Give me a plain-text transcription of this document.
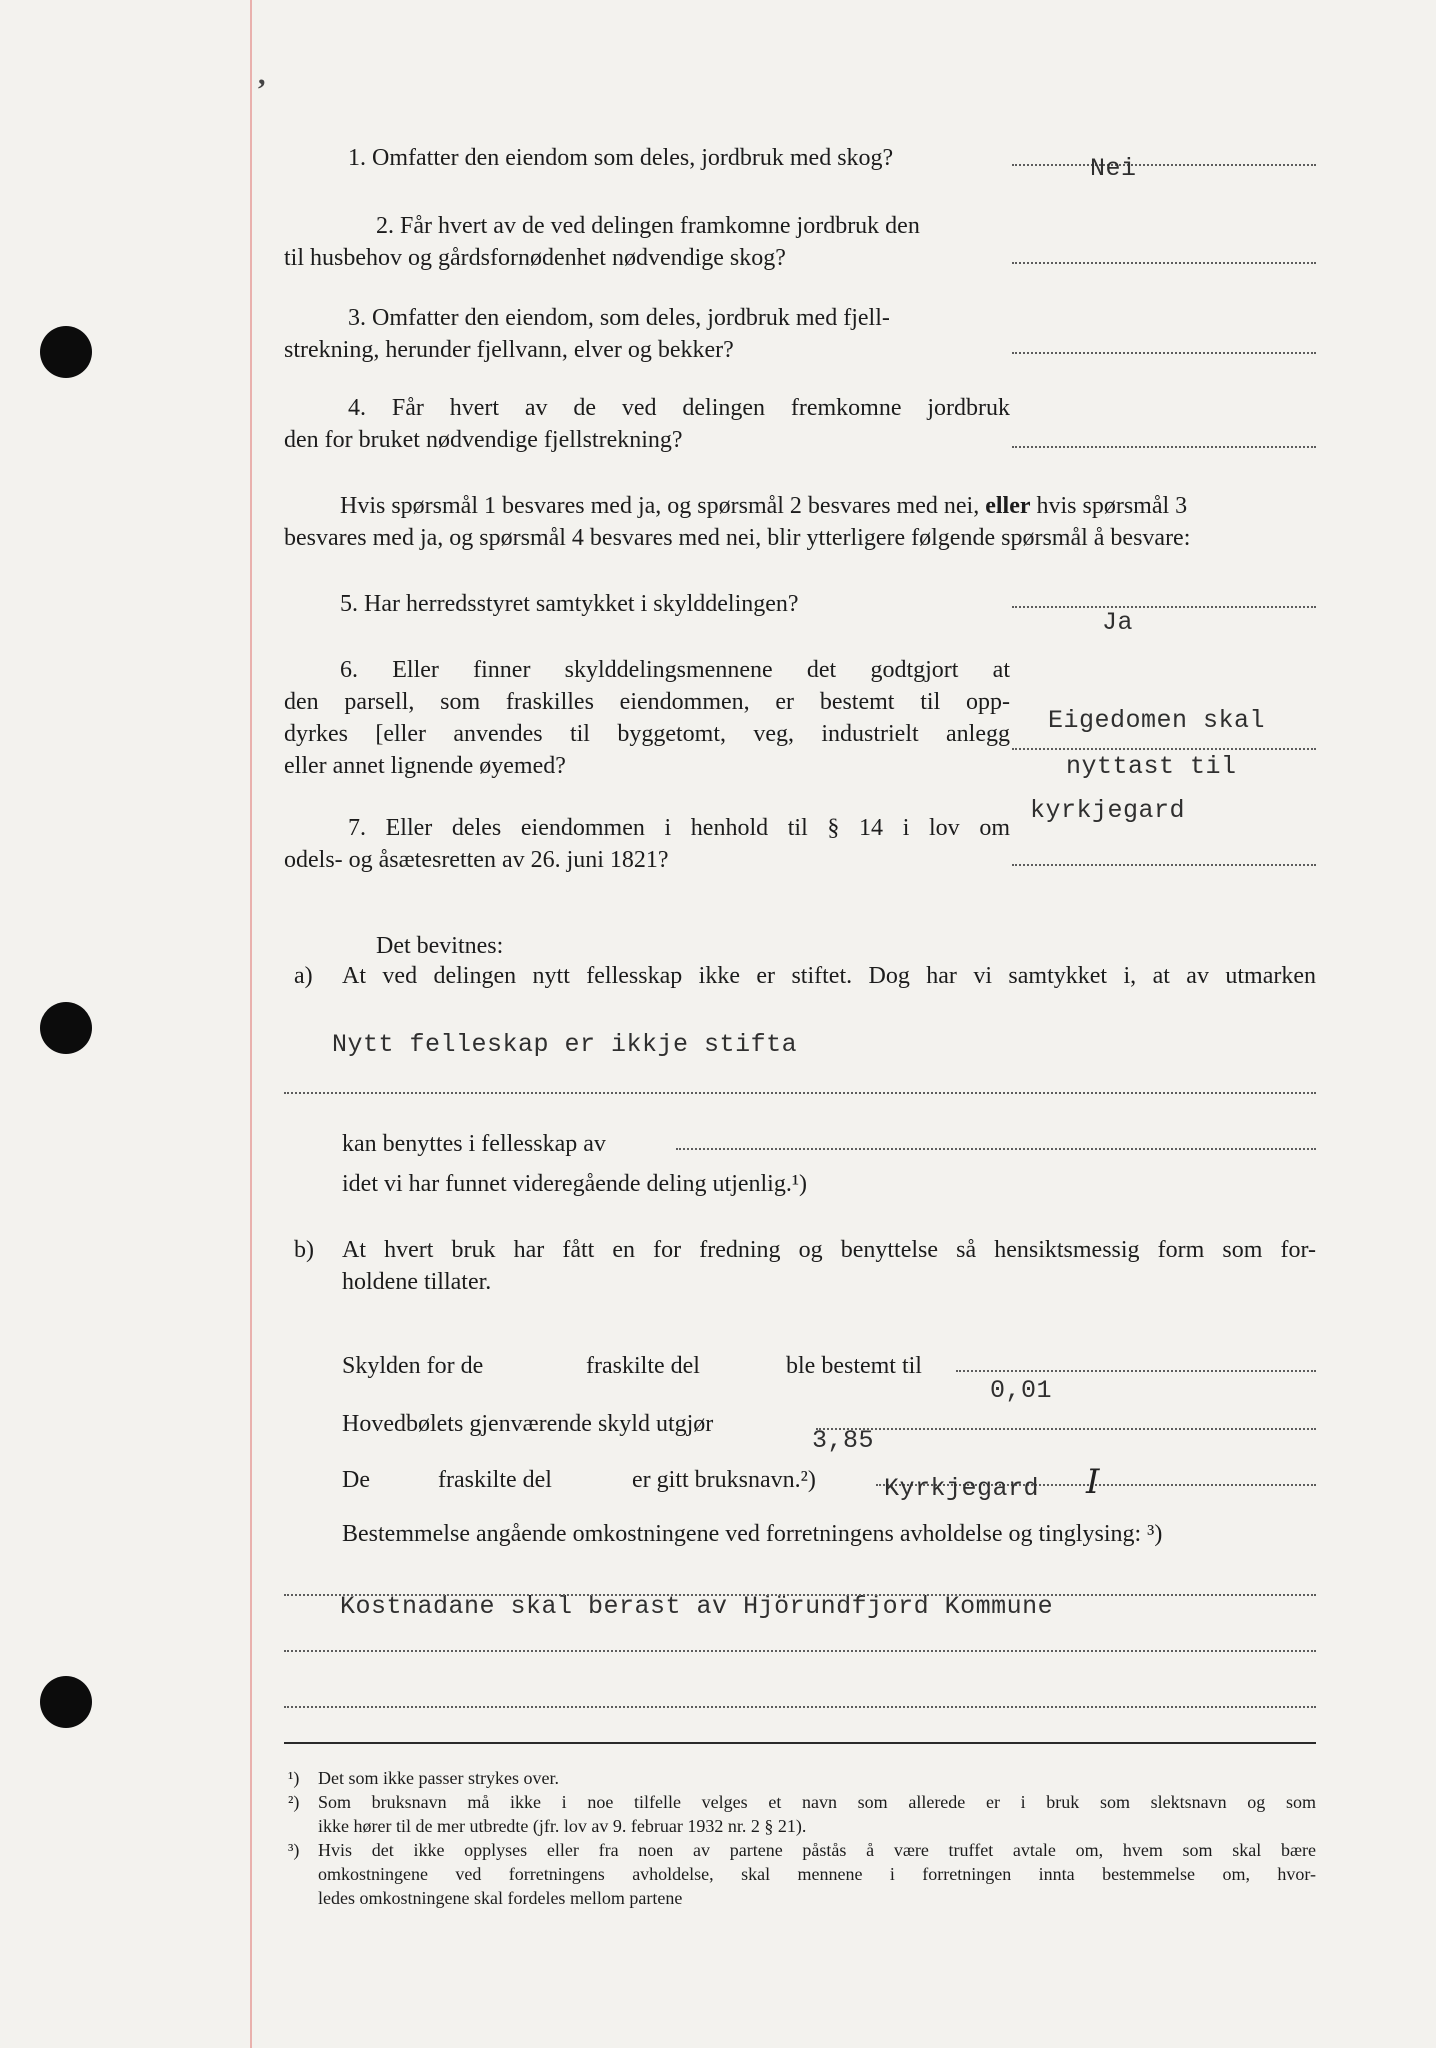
,
1. Omfatter den eiendom som deles, jordbruk med skog?	Nei
2. Får hvert av de ved delingen framkomne jordbruk den
til husbehov og gårdsfornødenhet nødvendige skog?
3. Omfatter den eiendom, som deles, jordbruk med fjell-
strekning, herunder fjellvann, elver og bekker?
4. Får hvert av de ved delingen fremkomne jordbruk
den for bruket nødvendige fjellstrekning?
Hvis spørsmål 1 besvares med ja, og spørsmål 2 besvares med nei, eller hvis spørsmål 3
besvares med ja, og spørsmål 4 besvares med nei, blir ytterligere følgende spørsmål å besvare:
5. Har herredsstyret samtykket i skylddelingen?
Ja
6. Eller finner skylddelingsmennene det godtgjort at
den parsell, som fraskilles eiendommen, er bestemt til opp-
dyrkes [eller anvendes til byggetomt, veg, industrielt anlegg
eller annet lignende øyemed?
Eigedomen skal
nyttast til
kyrkjegard
7. Eller deles eiendommen i henhold til § 14 i lov om
odels- og åsætesretten av 26. juni 1821?
Det bevitnes:
a) At ved delingen nytt fellesskap ikke er stiftet. Dog har vi samtykket i, at av utmarken
Nytt felleskap er ikkje stifta
kan benyttes i fellesskap av
idet vi har funnet videregående deling utjenlig.¹)
b) At hvert bruk har fått en for fredning og benyttelse så hensiktsmessig form som for-
holdene tillater.
Skylden for de	fraskilte del	ble bestemt til
0,01
Hovedbølets gjenværende skyld utgjør
3,85
De	fraskilte del	er gitt bruksnavn.²)	Kyrkjegard I
Bestemmelse angående omkostningene ved forretningens avholdelse og tinglysing: ³)
Kostnadane skal berast av Hjörundfjord Kommune
¹) Det som ikke passer strykes over.
²) Som bruksnavn må ikke i noe tilfelle velges et navn som allerede er i bruk som slektsnavn og som
ikke hører til de mer utbredte (jfr. lov av 9. februar 1932 nr. 2 § 21).
³) Hvis det ikke opplyses eller fra noen av partene påstås å være truffet avtale om, hvem som skal bære
omkostningene ved forretningens avholdelse, skal mennene i forretningen innta bestemmelse om, hvor-
ledes omkostningene skal fordeles mellom partene
